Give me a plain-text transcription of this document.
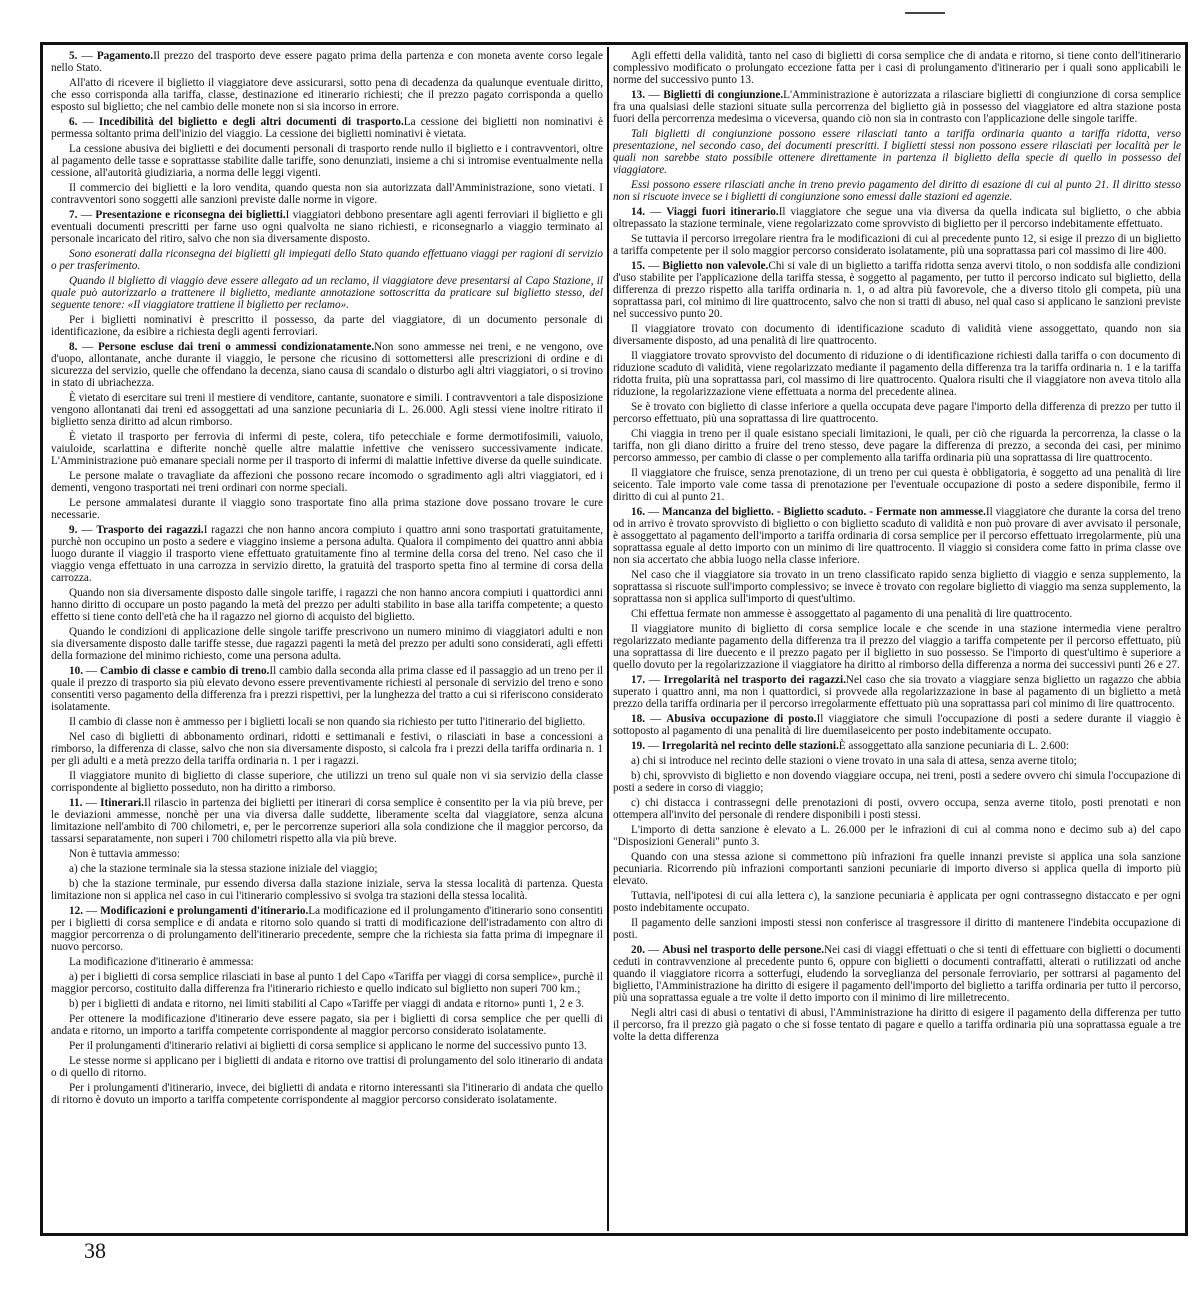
5. — Pagamento.Il prezzo del trasporto deve essere pagato prima della partenza e con moneta avente corso legale nello Stato.

All'atto di ricevere il biglietto il viaggiatore deve assicurarsi, sotto pena di decadenza da qualunque eventuale diritto, che esso corrisponda alla tariffa, classe, destinazione ed itinerario richiesti; che il prezzo pagato corrisponda a quello esposto sul biglietto; che nel cambio delle monete non si sia incorso in errore.

6. — Incedibilità del biglietto e degli altri documenti di trasporto.La cessione dei biglietti non nominativi è permessa soltanto prima dell'inizio del viaggio. La cessione dei biglietti nominativi è vietata.

La cessione abusiva dei biglietti e dei documenti personali di trasporto rende nullo il biglietto e i contravventori, oltre al pagamento delle tasse e soprattasse stabilite dalle tariffe, sono denunziati, insieme a chi si intromise eventualmente nella cessione, all'autorità giudiziaria, a norma delle leggi vigenti.

Il commercio dei biglietti e la loro vendita, quando questa non sia autorizzata dall'Amministrazione, sono vietati. I contravventori sono soggetti alle sanzioni previste dalle norme in vigore.

7. — Presentazione e riconsegna dei biglietti.I viaggiatori debbono presentare agli agenti ferroviari il biglietto e gli eventuali documenti prescritti per farne uso ogni qualvolta ne siano richiesti, e riconsegnarlo a viaggio terminato al personale incaricato del ritiro, salvo che non sia diversamente disposto.

Sono esonerati dalla riconsegna dei biglietti gli impiegati dello Stato quando effettuano viaggi per ragioni di servizio o per trasferimento.

Quando il biglietto di viaggio deve essere allegato ad un reclamo, il viaggiatore deve presentarsi al Capo Stazione, il quale può autorizzarlo a trattenere il biglietto, mediante annotazione sottoscritta da praticare sul biglietto stesso, del seguente tenore: «Il viaggiatore trattiene il biglietto per reclamo».

Per i biglietti nominativi è prescritto il possesso, da parte del viaggiatore, di un documento personale di identificazione, da esibire a richiesta degli agenti ferroviari.

8. — Persone escluse dai treni o ammessi condizionatamente.Non sono ammesse nei treni, e ne vengono, ove d'uopo, allontanate, anche durante il viaggio, le persone che ricusino di sottomettersi alle prescrizioni di ordine e di sicurezza del servizio, quelle che offendano la decenza, siano causa di scandalo o disturbo agli altri viaggiatori, o si trovino in stato di ubriachezza.

È vietato di esercitare sui treni il mestiere di venditore, cantante, suonatore e simili. I contravventori a tale disposizione vengono allontanati dai treni ed assoggettati ad una sanzione pecuniaria di L. 26.000. Agli stessi viene inoltre ritirato il biglietto senza diritto ad alcun rimborso.

È vietato il trasporto per ferrovia di infermi di peste, colera, tifo petecchiale e forme dermotifosimili, vaiuolo, vaiuloide, scarlattina e difterite nonchè quelle altre malattie infettive che venissero successivamente indicate. L'Amministrazione può emanare speciali norme per il trasporto di infermi di malattie infettive diverse da quelle suindicate.

Le persone malate o travagliate da affezioni che possono recare incomodo o sgradimento agli altri viaggiatori, ed i dementi, vengono trasportati nei treni ordinari con norme speciali.

Le persone ammalatesi durante il viaggio sono trasportate fino alla prima stazione dove possano trovare le cure necessarie.

9. — Trasporto dei ragazzi.I ragazzi che non hanno ancora compiuto i quattro anni sono trasportati gratuitamente, purchè non occupino un posto a sedere e viaggino insieme a persona adulta. Qualora il compimento dei quattro anni abbia luogo durante il viaggio il trasporto viene effettuato gratuitamente fino al termine della corsa del treno. Nel caso che il viaggio venga effettuato in una carrozza in servizio diretto, la gratuità del trasporto spetta fino al termine di corsa della carrozza.

Quando non sia diversamente disposto dalle singole tariffe, i ragazzi che non hanno ancora compiuti i quattordici anni hanno diritto di occupare un posto pagando la metà del prezzo per adulti stabilito in base alla tariffa competente; a questo effetto si tiene conto dell'età che ha il ragazzo nel giorno di acquisto del biglietto.

Quando le condizioni di applicazione delle singole tariffe prescrivono un numero minimo di viaggiatori adulti e non sia diversamente disposto dalle tariffe stesse, due ragazzi pagenti la metà del prezzo per adulti sono considerati, agli effetti della formazione del minimo richiesto, come una persona adulta.

10. — Cambio di classe e cambio di treno.Il cambio dalla seconda alla prima classe ed il passaggio ad un treno per il quale il prezzo di trasporto sia più elevato devono essere preventivamente richiesti al personale di servizio del treno e sono consentiti verso pagamento della differenza fra i prezzi rispettivi, per la lunghezza del tratto a cui si riferiscono considerato isolatamente.

Il cambio di classe non è ammesso per i biglietti locali se non quando sia richiesto per tutto l'itinerario del biglietto.

Nel caso di biglietti di abbonamento ordinari, ridotti e settimanali e festivi, o rilasciati in base a concessioni a rimborso, la differenza di classe, salvo che non sia diversamente disposto, si calcola fra i prezzi della tariffa ordinaria n. 1 per gli adulti e a metà prezzo della tariffa ordinaria n. 1 per i ragazzi.

Il viaggiatore munito di biglietto di classe superiore, che utilizzi un treno sul quale non vi sia servizio della classe corrispondente al biglietto posseduto, non ha diritto a rimborso.

11. — Itinerari.Il rilascio in partenza dei biglietti per itinerari di corsa semplice è consentito per la via più breve, per le deviazioni ammesse, nonchè per una via diversa dalle suddette, liberamente scelta dal viaggiatore, senza alcuna limitazione nell'ambito di 700 chilometri, e, per le percorrenze superiori alla sola condizione che il maggior percorso, da tassarsi separatamente, non superi i 700 chilometri rispetto alla via più breve.

Non è tuttavia ammesso:

a) che la stazione terminale sia la stessa stazione iniziale del viaggio;

b) che la stazione terminale, pur essendo diversa dalla stazione iniziale, serva la stessa località di partenza. Questa limitazione non si applica nel caso in cui l'itinerario complessivo si svolga tra stazioni della stessa località.

12. — Modificazioni e prolungamenti d'itinerario.La modificazione ed il prolungamento d'itinerario sono consentiti per i biglietti di corsa semplice e di andata e ritorno solo quando si tratti di modificazione dell'istradamento con altro di maggior percorrenza o di prolungamento dell'itinerario precedente, sempre che la richiesta sia fatta prima di impegnare il nuovo percorso.

La modificazione d'itinerario è ammessa:

a) per i biglietti di corsa semplice rilasciati in base al punto 1 del Capo «Tariffa per viaggi di corsa semplice», purchè il maggior percorso, costituito dalla differenza fra l'itinerario richiesto e quello indicato sul biglietto non superi 700 km.;

b) per i biglietti di andata e ritorno, nei limiti stabiliti al Capo «Tariffe per viaggi di andata e ritorno» punti 1, 2 e 3.

Per ottenere la modificazione d'itinerario deve essere pagato, sia per i biglietti di corsa semplice che per quelli di andata e ritorno, un importo a tariffa competente corrispondente al maggior percorso considerato isolatamente.

Per il prolungamenti d'itinerario relativi ai biglietti di corsa semplice si applicano le norme del successivo punto 13.

Le stesse norme si applicano per i biglietti di andata e ritorno ove trattisi di prolungamento del solo itinerario di andata o di quello di ritorno.

Per i prolungamenti d'itinerario, invece, dei biglietti di andata e ritorno interessanti sia l'itinerario di andata che quello di ritorno è dovuto un importo a tariffa competente corrispondente al maggior percorso considerato isolatamente.

Agli effetti della validità, tanto nel caso di biglietti di corsa semplice che di andata e ritorno, si tiene conto dell'itinerario complessivo modificato o prolungato eccezione fatta per i casi di prolungamento d'itinerario per i quali sono applicabili le norme del successivo punto 13.

13. — Biglietti di congiunzione.L'Amministrazione è autorizzata a rilasciare biglietti di congiunzione di corsa semplice fra una qualsiasi delle stazioni situate sulla percorrenza del biglietto già in possesso del viaggiatore ed altra stazione posta fuori della percorrenza medesima o viceversa, quando ciò non sia in contrasto con l'applicazione delle singole tariffe.

Tali biglietti di congiunzione possono essere rilasciati tanto a tariffa ordinaria quanto a tariffa ridotta, verso presentazione, nel secondo caso, dei documenti prescritti. I biglietti stessi non possono essere rilasciati per località per le quali non sarebbe stato possibile ottenere direttamente in partenza il biglietto della specie di quello in possesso del viaggiatore.

Essi possono essere rilasciati anche in treno previo pagamento del diritto di esazione di cui al punto 21. Il diritto stesso non si riscuote invece se i biglietti di congiunzione sono emessi dalle stazioni ed agenzie.

14. — Viaggi fuori itinerario.Il viaggiatore che segue una via diversa da quella indicata sul biglietto, o che abbia oltrepassato la stazione terminale, viene regolarizzato come sprovvisto di biglietto per il percorso indebitamente effettuato.

Se tuttavia il percorso irregolare rientra fra le modificazioni di cui al precedente punto 12, si esige il prezzo di un biglietto a tariffa competente per il solo maggior percorso considerato isolatamente, più una soprattassa pari col massimo di lire 400.

15. — Biglietto non valevole.Chi si vale di un biglietto a tariffa ridotta senza avervi titolo, o non soddisfa alle condizioni d'uso stabilite per l'applicazione della tariffa stessa, è soggetto al pagamento, per tutto il percorso indicato sul biglietto, della differenza di prezzo rispetto alla tariffa ordinaria n. 1, o ad altra più favorevole, che a diverso titolo gli competa, più una soprattassa pari, col minimo di lire quattrocento, salvo che non si tratti di abuso, nel qual caso si applicano le sanzioni previste nel successivo punto 20.

Il viaggiatore trovato con documento di identificazione scaduto di validità viene assoggettato, quando non sia diversamente disposto, ad una penalità di lire quattrocento.

Il viaggiatore trovato sprovvisto del documento di riduzione o di identificazione richiesti dalla tariffa o con documento di riduzione scaduto di validità, viene regolarizzato mediante il pagamento della differenza tra la tariffa ordinaria n. 1 e la tariffa ridotta fruita, più una soprattassa pari, col massimo di lire quattrocento. Qualora risulti che il viaggiatore non aveva titolo alla riduzione, la regolarizzazione viene effettuata a norma del precedente alinea.

Se è trovato con biglietto di classe inferiore a quella occupata deve pagare l'importo della differenza di prezzo per tutto il percorso effettuato, più una soprattassa di lire quattrocento.

Chi viaggia in treno per il quale esistano speciali limitazioni, le quali, per ciò che riguarda la percorrenza, la classe o la tariffa, non gli diano diritto a fruire del treno stesso, deve pagare la differenza di prezzo, a seconda dei casi, per minimo percorso ammesso, per cambio di classe o per complemento alla tariffa ordinaria più una soprattassa di lire quattrocento.

Il viaggiatore che fruisce, senza prenotazione, di un treno per cui questa è obbligatoria, è soggetto ad una penalità di lire seicento. Tale importo vale come tassa di prenotazione per l'eventuale occupazione di posto a sedere disponibile, fermo il diritto di cui al punto 21.

16. — Mancanza del biglietto. - Biglietto scaduto. - Fermate non ammesse.Il viaggiatore che durante la corsa del treno od in arrivo è trovato sprovvisto di biglietto o con biglietto scaduto di validità e non può provare di aver avvisato il personale, è assoggettato al pagamento dell'importo a tariffa ordinaria di corsa semplice per il percorso effettuato irregolarmente, più una soprattassa eguale al detto importo con un minimo di lire quattrocento. Il viaggio si considera come fatto in prima classe ove non sia accertato che abbia luogo nella classe inferiore.

Nel caso che il viaggiatore sia trovato in un treno classificato rapido senza biglietto di viaggio e senza supplemento, la soprattassa si riscuote sull'importo complessivo; se invece è trovato con regolare biglietto di viaggio ma senza supplemento, la soprattassa non si applica sull'importo di quest'ultimo.

Chi effettua fermate non ammesse è assoggettato al pagamento di una penalità di lire quattrocento.

Il viaggiatore munito di biglietto di corsa semplice locale e che scende in una stazione intermedia viene peraltro regolarizzato mediante pagamento della differenza tra il prezzo del viaggio a tariffa competente per il percorso effettuato, più una soprattassa di lire duecento e il prezzo pagato per il biglietto in suo possesso. Se l'importo di quest'ultimo è superiore a quello dovuto per la regolarizzazione il viaggiatore ha diritto al rimborso della differenza a norma dei successivi punti 26 e 27.

17. — Irregolarità nel trasporto dei ragazzi.Nel caso che sia trovato a viaggiare senza biglietto un ragazzo che abbia superato i quattro anni, ma non i quattordici, si provvede alla regolarizzazione in base al pagamento di un biglietto a metà prezzo della tariffa ordinaria per il percorso irregolarmente effettuato più una soprattassa pari col minimo di lire quattrocento.

18. — Abusiva occupazione di posto.Il viaggiatore che simuli l'occupazione di posti a sedere durante il viaggio è sottoposto al pagamento di una penalità di lire duemilaseicento per posto indebitamente occupato.

19. — Irregolarità nel recinto delle stazioni.È assoggettato alla sanzione pecuniaria di L. 2.600:

a) chi si introduce nel recinto delle stazioni o viene trovato in una sala di attesa, senza averne titolo;

b) chi, sprovvisto di biglietto e non dovendo viaggiare occupa, nei treni, posti a sedere ovvero chi simula l'occupazione di posti a sedere in corso di viaggio;

c) chi distacca i contrassegni delle prenotazioni di posti, ovvero occupa, senza averne titolo, posti prenotati e non ottempera all'invito del personale di rendere disponibili i posti stessi.

L'importo di detta sanzione è elevato a L. 26.000 per le infrazioni di cui al comma nono e decimo sub a) del capo "Disposizioni Generali" punto 3.

Quando con una stessa azione si commettono più infrazioni fra quelle innanzi previste si applica una sola sanzione pecuniaria. Ricorrendo più infrazioni comportanti sanzioni pecuniarie di importo diverso si applica quella di importo più elevato.

Tuttavia, nell'ipotesi di cui alla lettera c), la sanzione pecuniaria è applicata per ogni contrassegno distaccato e per ogni posto indebitamente occupato.

Il pagamento delle sanzioni imposti stessi non conferisce al trasgressore il diritto di mantenere l'indebita occupazione di posti.

20. — Abusi nel trasporto delle persone.Nei casi di viaggi effettuati o che si tenti di effettuare con biglietti o documenti ceduti in contravvenzione al precedente punto 6, oppure con biglietti o documenti contraffatti, alterati o rutilizzati od anche quando il viaggiatore ricorra a sotterfugi, eludendo la sorveglianza del personale ferroviario, per sottrarsi al pagamento del biglietto, l'Amministrazione ha diritto di esigere il pagamento dell'importo del biglietto a tariffa ordinaria per tutto il percorso, più una soprattassa eguale a tre volte il detto importo con il minimo di lire milletrecento.

Negli altri casi di abusi o tentativi di abusi, l'Amministrazione ha diritto di esigere il pagamento della differenza per tutto il percorso, fra il prezzo già pagato o che si fosse tentato di pagare e quello a tariffa ordinaria più una soprattassa eguale a tre volte la detta differenza

38
